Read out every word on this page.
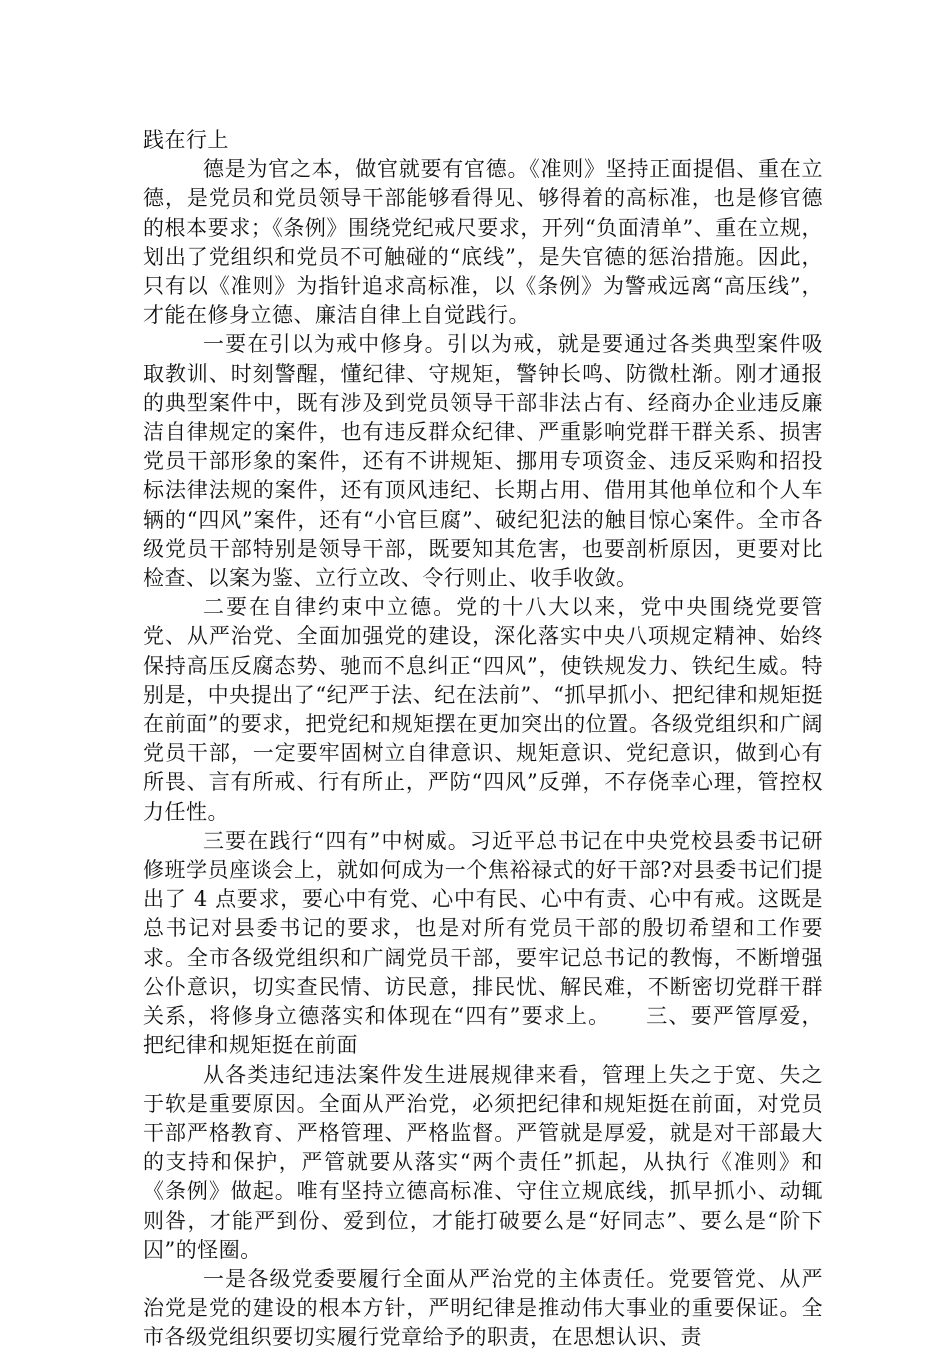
践在行上

德是为官之本，做官就要有官德。《准则》坚持正面提倡、重在立德，是党员和党员领导干部能够看得见、够得着的高标准，也是修官德的根本要求；《条例》围绕党纪戒尺要求，开列“负面清单”、重在立规，划出了党组织和党员不可触碰的“底线”，是失官德的惩治措施。因此，只有以《准则》为指针追求高标准，以《条例》为警戒远离“高压线”，才能在修身立德、廉洁自律上自觉践行。

一要在引以为戒中修身。引以为戒，就是要通过各类典型案件吸取教训、时刻警醒，懂纪律、守规矩，警钟长鸣、防微杜渐。刚才通报的典型案件中，既有涉及到党员领导干部非法占有、经商办企业违反廉洁自律规定的案件，也有违反群众纪律、严重影响党群干群关系、损害党员干部形象的案件，还有不讲规矩、挪用专项资金、违反采购和招投标法律法规的案件，还有顶风违纪、长期占用、借用其他单位和个人车辆的“四风”案件，还有“小官巨腐”、破纪犯法的触目惊心案件。全市各级党员干部特别是领导干部，既要知其危害，也要剖析原因，更要对比检查、以案为鉴、立行立改、令行则止、收手收敛。

二要在自律约束中立德。党的十八大以来，党中央围绕党要管党、从严治党、全面加强党的建设，深化落实中央八项规定精神、始终保持高压反腐态势、驰而不息纠正“四风”，使铁规发力、铁纪生威。特别是，中央提出了“纪严于法、纪在法前”、“抓早抓小、把纪律和规矩挺在前面”的要求，把党纪和规矩摆在更加突出的位置。各级党组织和广阔党员干部，一定要牢固树立自律意识、规矩意识、党纪意识，做到心有所畏、言有所戒、行有所止，严防“四风”反弹，不存侥幸心理，管控权力任性。

三要在践行“四有”中树威。习近平总书记在中央党校县委书记研修班学员座谈会上，就如何成为一个焦裕禄式的好干部?对县委书记们提出了 4 点要求，要心中有党、心中有民、心中有责、心中有戒。这既是总书记对县委书记的要求，也是对所有党员干部的殷切希望和工作要求。全市各级党组织和广阔党员干部，要牢记总书记的教悔，不断增强公仆意识，切实查民情、访民意，排民忧、解民难，不断密切党群干群关系，将修身立德落实和体现在“四有”要求上。 三、要严管厚爱，把纪律和规矩挺在前面

从各类违纪违法案件发生进展规律来看，管理上失之于宽、失之于软是重要原因。全面从严治党，必须把纪律和规矩挺在前面，对党员干部严格教育、严格管理、严格监督。严管就是厚爱，就是对干部最大的支持和保护，严管就要从落实“两个责任”抓起，从执行《准则》和《条例》做起。唯有坚持立德高标准、守住立规底线，抓早抓小、动辄则咎，才能严到份、爱到位，才能打破要么是“好同志”、要么是“阶下囚”的怪圈。

一是各级党委要履行全面从严治党的主体责任。党要管党、从严治党是党的建设的根本方针，严明纪律是推动伟大事业的重要保证。全市各级党组织要切实履行党章给予的职责，在思想认识、责
